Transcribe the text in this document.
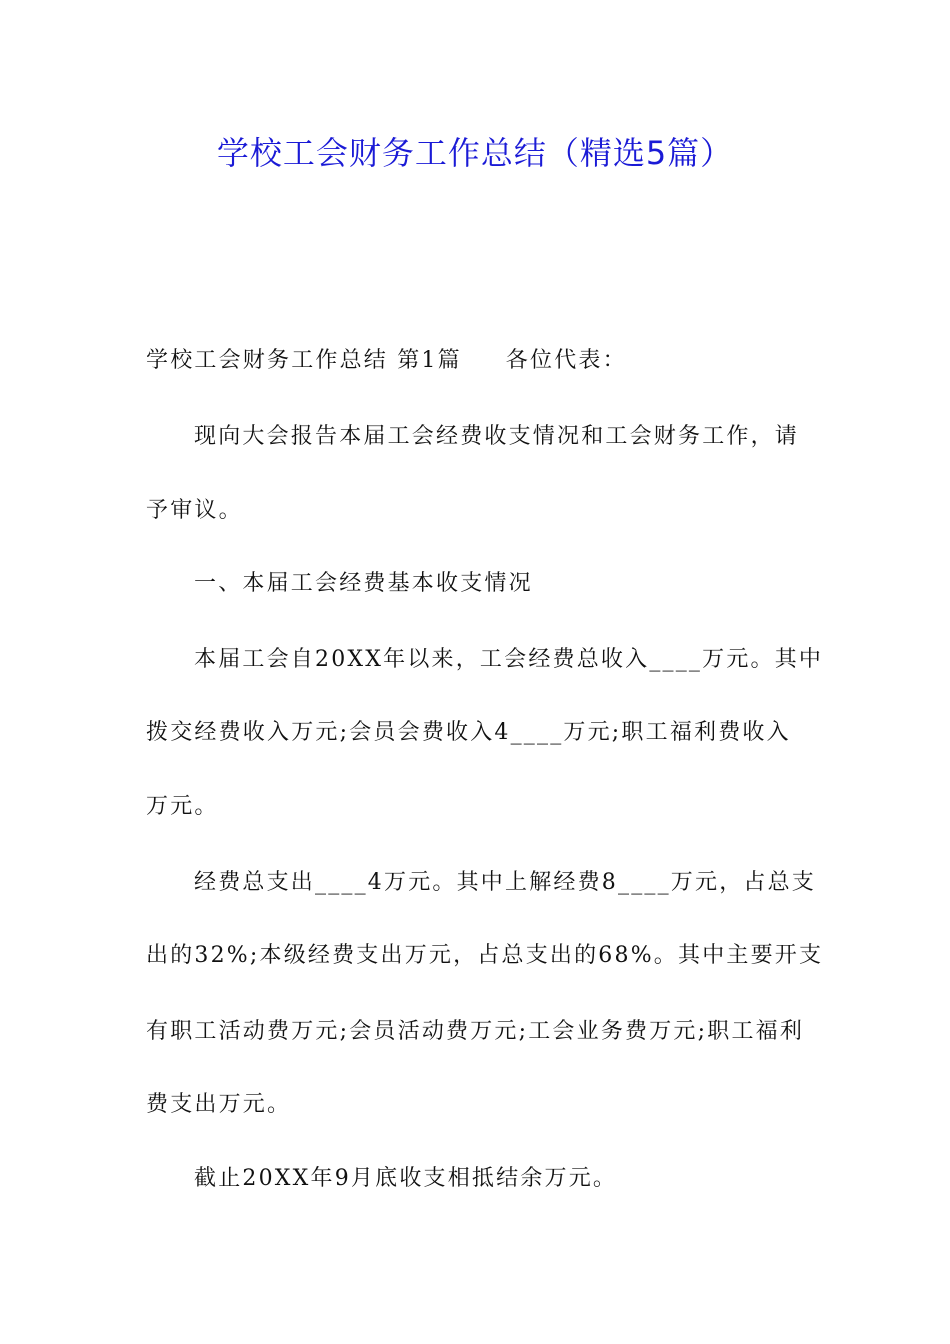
学校工会财务工作总结（精选5篇）
学校工会财务工作总结 第1篇 各位代表：
现向大会报告本届工会经费收支情况和工会财务工作，请
予审议。
一、本届工会经费基本收支情况
本届工会自20XX年以来，工会经费总收入____万元。其中
拨交经费收入万元;会员会费收入4____万元;职工福利费收入
万元。
经费总支出____4万元。其中上解经费8____万元，占总支
出的32%;本级经费支出万元，占总支出的68%。其中主要开支
有职工活动费万元;会员活动费万元;工会业务费万元;职工福利
费支出万元。
截止20XX年9月底收支相抵结余万元。
